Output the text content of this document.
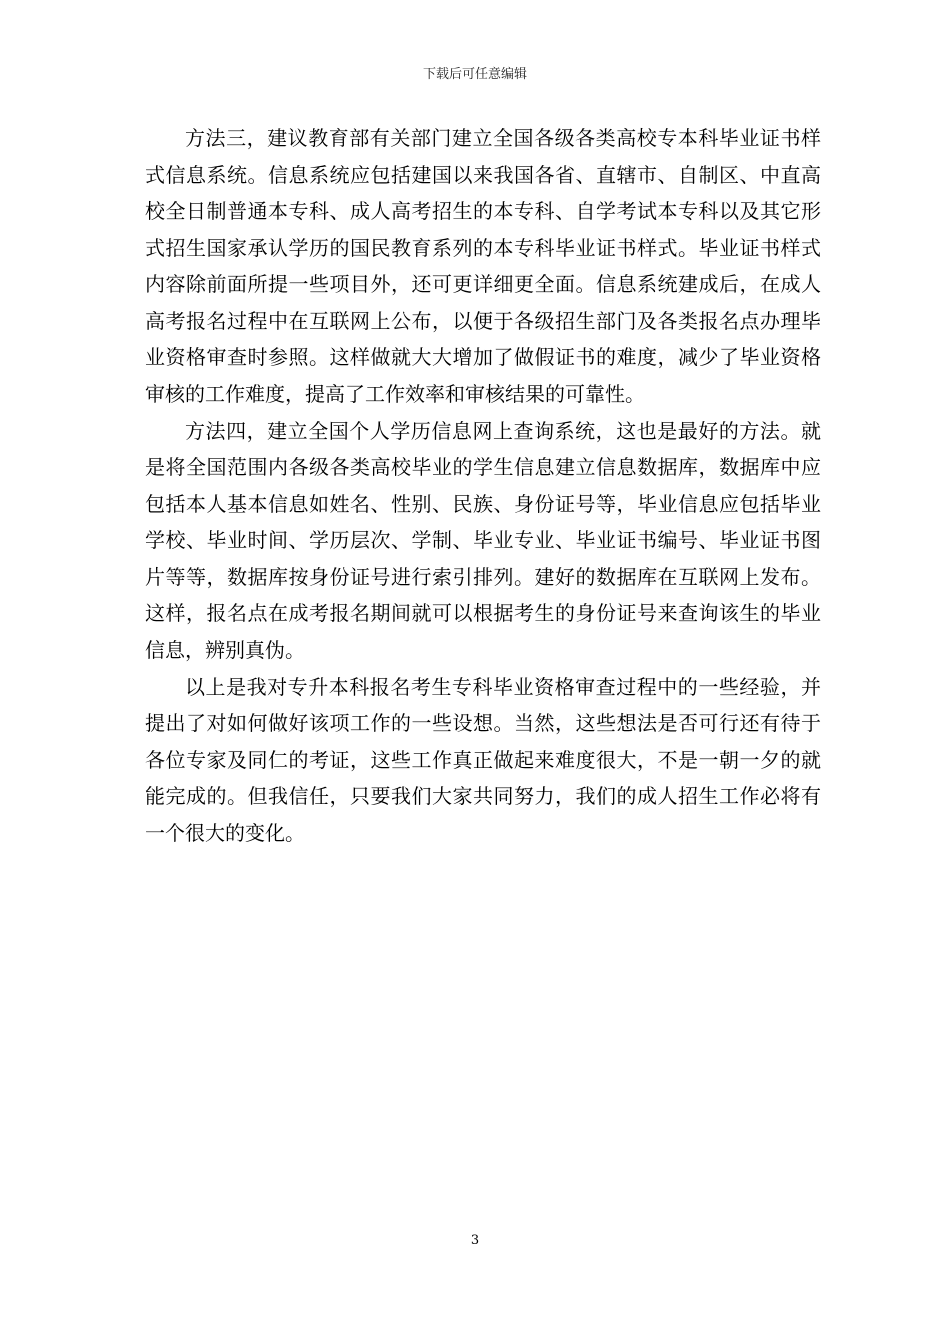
下载后可任意编辑

方法三，建议教育部有关部门建立全国各级各类高校专本科毕业证书样式信息系统。信息系统应包括建国以来我国各省、直辖市、自制区、中直高校全日制普通本专科、成人高考招生的本专科、自学考试本专科以及其它形式招生国家承认学历的国民教育系列的本专科毕业证书样式。毕业证书样式内容除前面所提一些项目外，还可更详细更全面。信息系统建成后，在成人高考报名过程中在互联网上公布，以便于各级招生部门及各类报名点办理毕业资格审查时参照。这样做就大大增加了做假证书的难度，减少了毕业资格审核的工作难度，提高了工作效率和审核结果的可靠性。

方法四，建立全国个人学历信息网上查询系统，这也是最好的方法。就是将全国范围内各级各类高校毕业的学生信息建立信息数据库，数据库中应包括本人基本信息如姓名、性别、民族、身份证号等，毕业信息应包括毕业学校、毕业时间、学历层次、学制、毕业专业、毕业证书编号、毕业证书图片等等，数据库按身份证号进行索引排列。建好的数据库在互联网上发布。这样，报名点在成考报名期间就可以根据考生的身份证号来查询该生的毕业信息，辨别真伪。

以上是我对专升本科报名考生专科毕业资格审查过程中的一些经验，并提出了对如何做好该项工作的一些设想。当然，这些想法是否可行还有待于各位专家及同仁的考证，这些工作真正做起来难度很大，不是一朝一夕的就能完成的。但我信任，只要我们大家共同努力，我们的成人招生工作必将有一个很大的变化。

3
